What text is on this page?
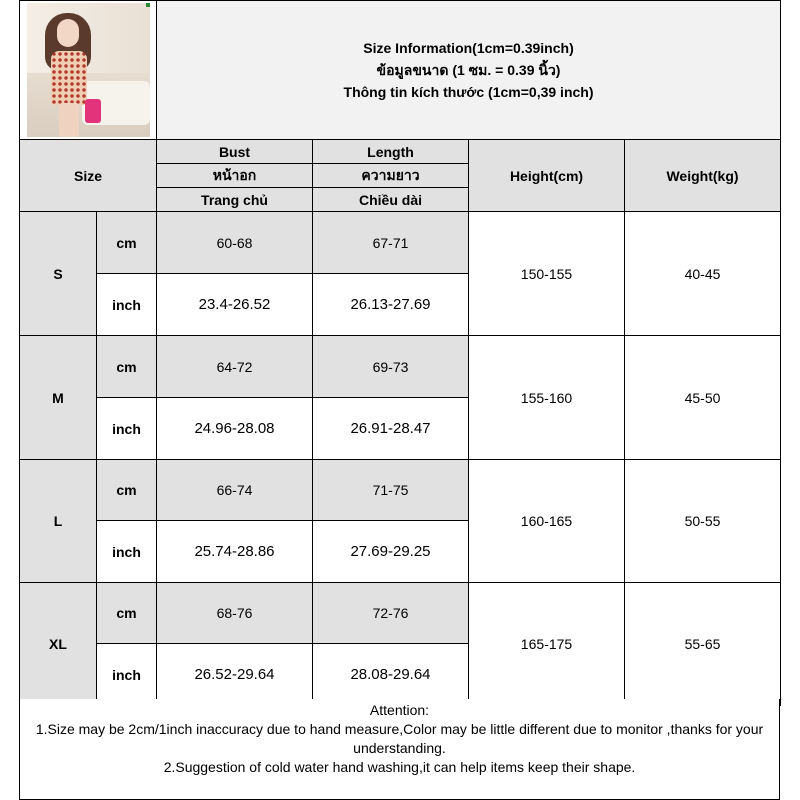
		Size Information(1cm=0.39inch)
ข้อมูลขนาด (1 ซม. = 0.39 นิ้ว)
Thông tin kích thước (1cm=0,39 inch)			

Size		Bust	Length	Height(cm)	Weight(kg)
		หน้าอก	ความยาว		
		Trang chủ	Chiều dài		
S	cm	60-68	67-71	150-155	40-45
	inch	23.4-26.52	26.13-27.69		
M	cm	64-72	69-73	155-160	45-50
	inch	24.96-28.08	26.91-28.47		
L	cm	66-74	71-75	160-165	50-55
	inch	25.74-28.86	27.69-29.25		
XL	cm	68-76	72-76	165-175	55-65
	inch	26.52-29.64	28.08-29.64		
Attention:
1.Size may be 2cm/1inch inaccuracy due to hand measure,Color may be little different due to monitor ,thanks for your understanding.
2.Suggestion of cold water hand washing,it can help items keep their shape.
